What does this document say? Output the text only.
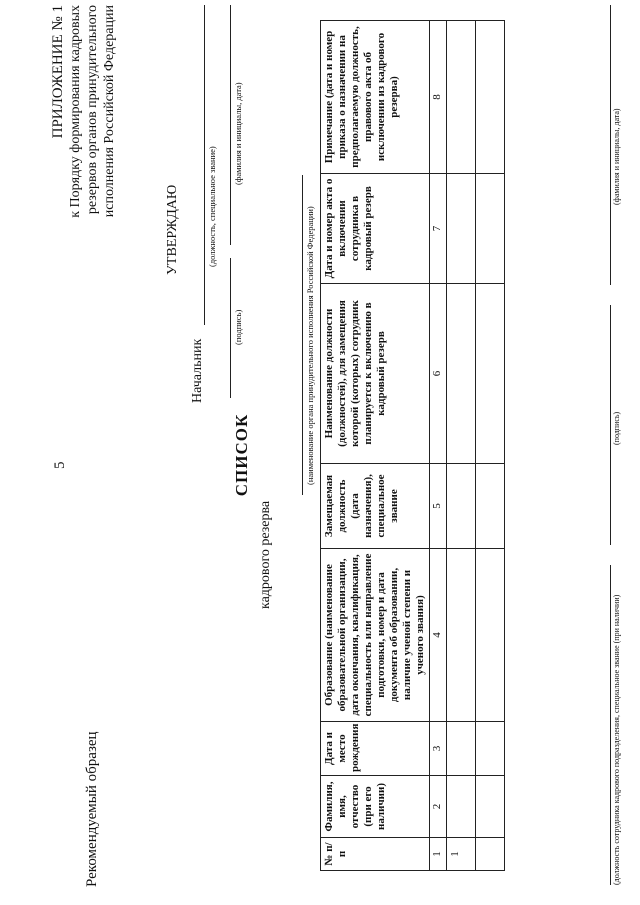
5
Рекомендуемый образец
ПРИЛОЖЕНИЕ № 1 к Порядку формирования кадровых резервов органов принудительного исполнения Российской Федерации
УТВЕРЖДАЮ
Начальник
(должность, специальное звание)
(подпись)
(фамилия и инициалы, дата)
СПИСОК
кадрового резерва
(наименование органа принудительного исполнения Российской Федерации)
№ п/п	Фамилия, имя, отчество (при его наличии)	Дата и место рождения	Образование (наименование образовательной организации, дата окончания, квалификация, специальность или направление подготовки, номер и дата документа об образовании, наличие ученой степени и ученого звания)	Замещаемая должность (дата назначения), специальное звание	Наименование должности (должностей), для замещения которой (которых) сотрудник планируется к включению в кадровый резерв	Дата и номер акта о включении сотрудника в кадровый резерв	Примечание (дата и номер приказа о назначении на предполагаемую должность, правового акта об исключении из кадрового резерва)
1	2	3	4	5	6	7	8
1							
								(должность сотрудника кадрового подразделения, специальное звание (при наличии)
(подпись)
(фамилия и инициалы, дата)
